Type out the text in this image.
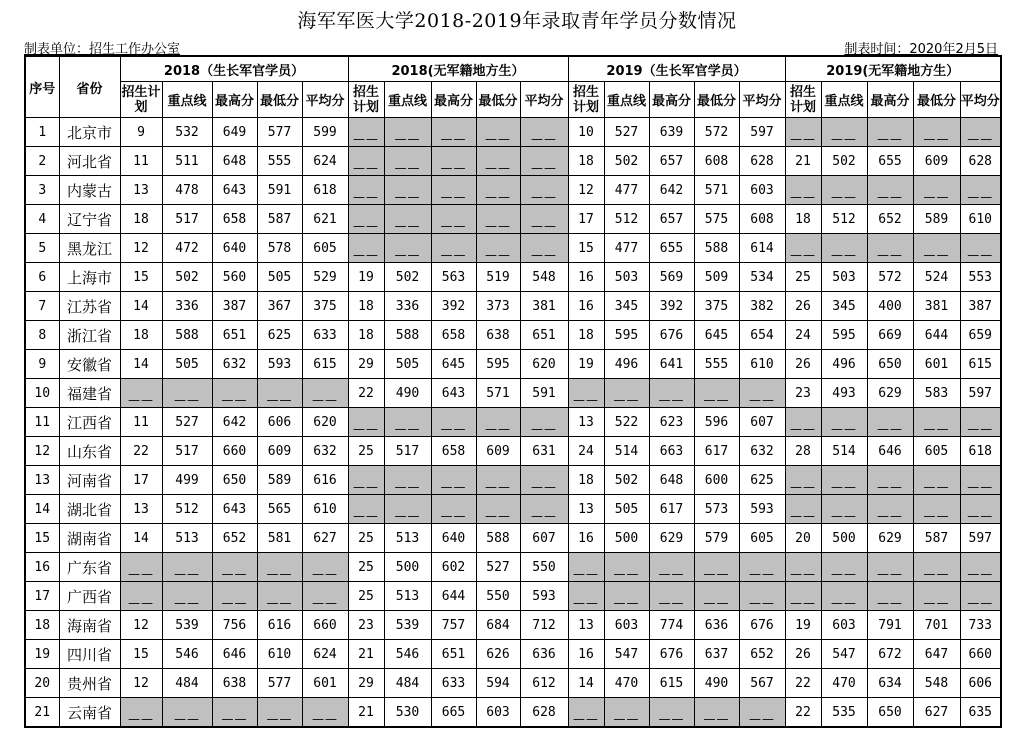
海军军医大学2018-2019年录取青年学员分数情况
制表单位：招生工作办公室	制表时间：2020年2月5日
序号	省份	2018（生长军官学员）					2018(无军籍地方生）					2019（生长军官学员）					2019(无军籍地方生）				
		招生计划	重点线	最高分	最低分	平均分	招生计划	重点线	最高分	最低分	平均分	招生计划	重点线	最高分	最低分	平均分	招生计划	重点线	最高分	最低分	平均分
1	北京市	9	532	649	577	599	——	——	——	——	——	10	527	639	572	597	——	——	——	——	——
2	河北省	11	511	648	555	624	——	——	——	——	——	18	502	657	608	628	21	502	655	609	628
3	内蒙古	13	478	643	591	618	——	——	——	——	——	12	477	642	571	603	——	——	——	——	——
4	辽宁省	18	517	658	587	621	——	——	——	——	——	17	512	657	575	608	18	512	652	589	610
5	黑龙江	12	472	640	578	605	——	——	——	——	——	15	477	655	588	614	——	——	——	——	——
6	上海市	15	502	560	505	529	19	502	563	519	548	16	503	569	509	534	25	503	572	524	553
7	江苏省	14	336	387	367	375	18	336	392	373	381	16	345	392	375	382	26	345	400	381	387
8	浙江省	18	588	651	625	633	18	588	658	638	651	18	595	676	645	654	24	595	669	644	659
9	安徽省	14	505	632	593	615	29	505	645	595	620	19	496	641	555	610	26	496	650	601	615
10	福建省	——	——	——	——	——	22	490	643	571	591	——	——	——	——	——	23	493	629	583	597
11	江西省	11	527	642	606	620	——	——	——	——	——	13	522	623	596	607	——	——	——	——	——
12	山东省	22	517	660	609	632	25	517	658	609	631	24	514	663	617	632	28	514	646	605	618
13	河南省	17	499	650	589	616	——	——	——	——	——	18	502	648	600	625	——	——	——	——	——
14	湖北省	13	512	643	565	610	——	——	——	——	——	13	505	617	573	593	——	——	——	——	——
15	湖南省	14	513	652	581	627	25	513	640	588	607	16	500	629	579	605	20	500	629	587	597
16	广东省	——	——	——	——	——	25	500	602	527	550	——	——	——	——	——	——	——	——	——	——
17	广西省	——	——	——	——	——	25	513	644	550	593	——	——	——	——	——	——	——	——	——	——
18	海南省	12	539	756	616	660	23	539	757	684	712	13	603	774	636	676	19	603	791	701	733
19	四川省	15	546	646	610	624	21	546	651	626	636	16	547	676	637	652	26	547	672	647	660
20	贵州省	12	484	638	577	601	29	484	633	594	612	14	470	615	490	567	22	470	634	548	606
21	云南省	——	——	——	——	——	21	530	665	603	628	——	——	——	——	——	22	535	650	627	635
